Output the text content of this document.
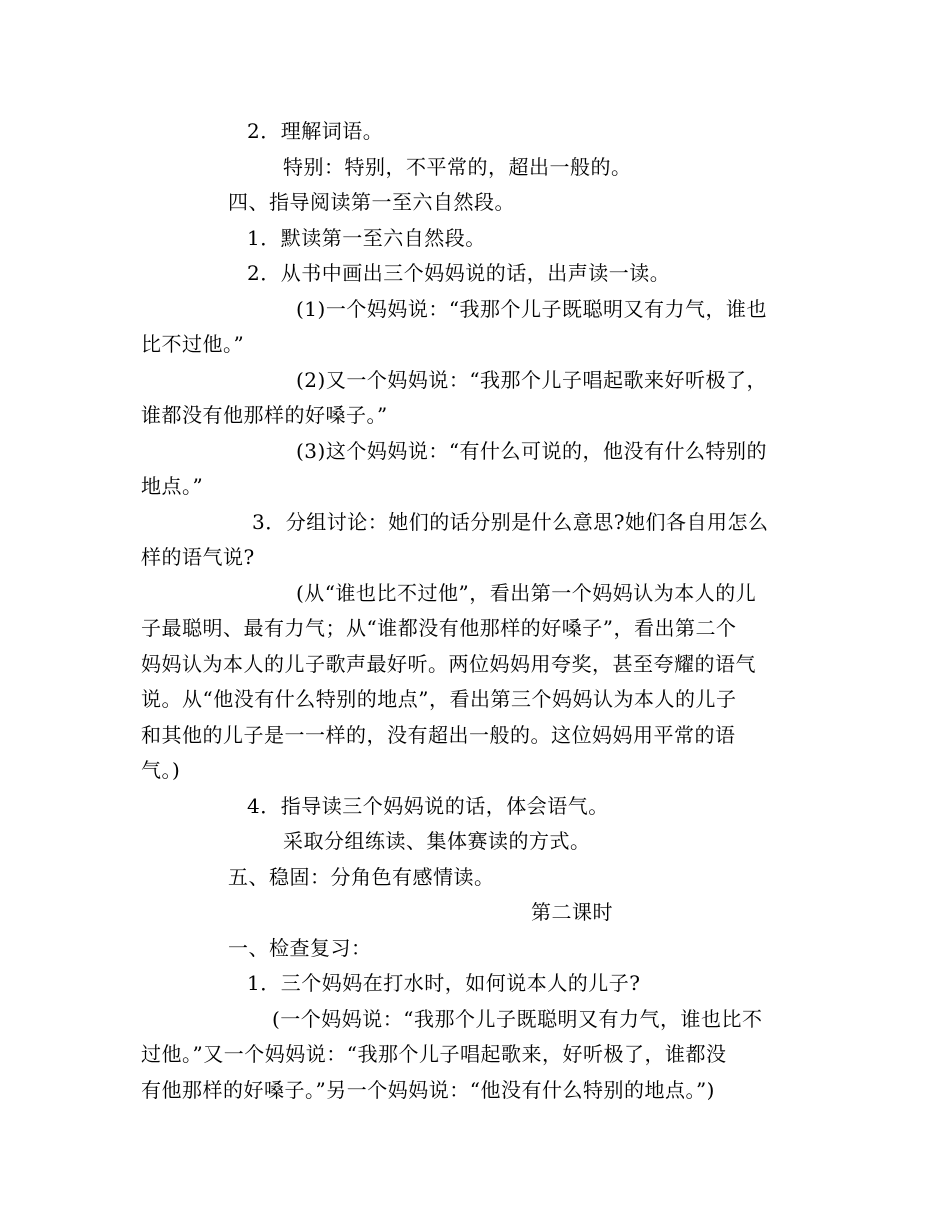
2．理解词语。
特别：特别，不平常的，超出一般的。
四、指导阅读第一至六自然段。
1．默读第一至六自然段。
2．从书中画出三个妈妈说的话，出声读一读。
(1)一个妈妈说：“我那个儿子既聪明又有力气，谁也
比不过他。”
(2)又一个妈妈说：“我那个儿子唱起歌来好听极了，
谁都没有他那样的好嗓子。”
(3)这个妈妈说：“有什么可说的，他没有什么特别的
地点。”
3．分组讨论：她们的话分别是什么意思?她们各自用怎么
样的语气说?
(从“谁也比不过他”，看出第一个妈妈认为本人的儿
子最聪明、最有力气；从“谁都没有他那样的好嗓子”，看出第二个
妈妈认为本人的儿子歌声最好听。两位妈妈用夸奖，甚至夸耀的语气
说。从“他没有什么特别的地点”，看出第三个妈妈认为本人的儿子
和其他的儿子是一一样的，没有超出一般的。这位妈妈用平常的语
气。)
4．指导读三个妈妈说的话，体会语气。
采取分组练读、集体赛读的方式。
五、稳固：分角色有感情读。
第二课时
一、检查复习：
1．三个妈妈在打水时，如何说本人的儿子?
(一个妈妈说：“我那个儿子既聪明又有力气，谁也比不
过他。”又一个妈妈说：“我那个儿子唱起歌来，好听极了，谁都没
有他那样的好嗓子。”另一个妈妈说：“他没有什么特别的地点。”)
